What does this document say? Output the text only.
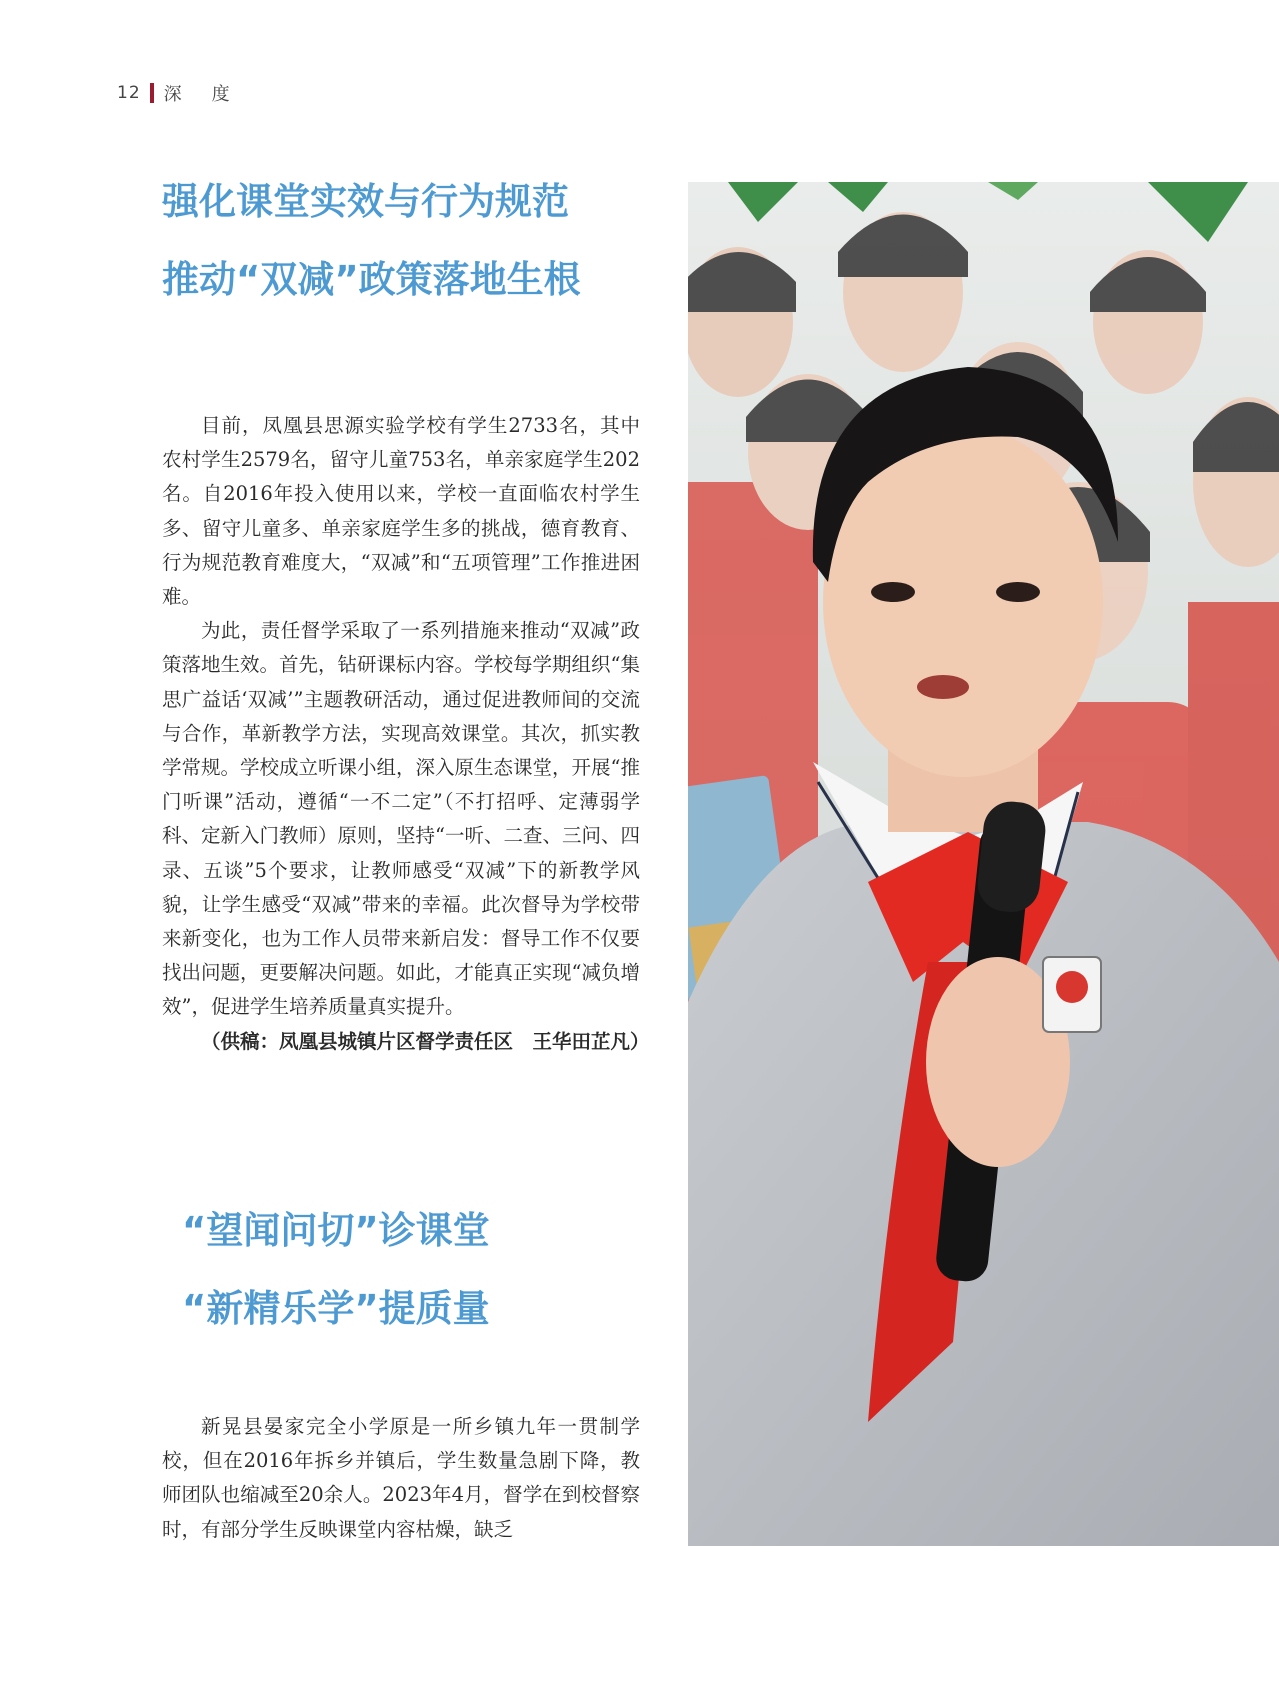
12 深度
强化课堂实效与行为规范
推动“双减”政策落地生根

目前，凤凰县思源实验学校有学生2733名，其中农村学生2579名，留守儿童753名，单亲家庭学生202名。自2016年投入使用以来，学校一直面临农村学生多、留守儿童多、单亲家庭学生多的挑战，德育教育、行为规范教育难度大，“双减”和“五项管理”工作推进困难。

为此，责任督学采取了一系列措施来推动“双减”政策落地生效。首先，钻研课标内容。学校每学期组织“集思广益话‘双减’”主题教研活动，通过促进教师间的交流与合作，革新教学方法，实现高效课堂。其次，抓实教学常规。学校成立听课小组，深入原生态课堂，开展“推门听课”活动，遵循“一不二定”（不打招呼、定薄弱学科、定新入门教师）原则，坚持“一听、二查、三问、四录、五谈”5个要求，让教师感受“双减”下的新教学风貌，让学生感受“双减”带来的幸福。此次督导为学校带来新变化，也为工作人员带来新启发：督导工作不仅要找出问题，更要解决问题。如此，才能真正实现“减负增效”，促进学生培养质量真实提升。

（供稿：凤凰县城镇片区督学责任区　王华田芷凡）

“望闻问切”诊课堂
“新精乐学”提质量

新晃县晏家完全小学原是一所乡镇九年一贯制学校，但在2016年拆乡并镇后，学生数量急剧下降，教师团队也缩减至20余人。2023年4月，督学在到校督察时，有部分学生反映课堂内容枯燥，缺乏
